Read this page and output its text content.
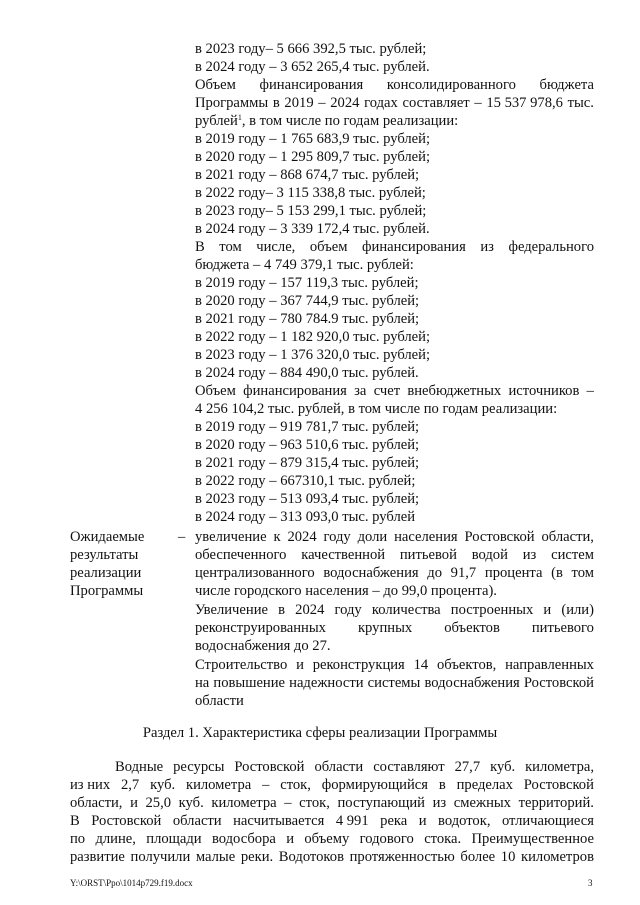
в 2023 году– 5 666 392,5 тыс. рублей;
в 2024 году – 3 652 265,4 тыс. рублей.
Объем финансирования консолидированного бюджета
Программы в 2019 – 2024 годах составляет – 15 537 978,6 тыс.
рублей$^1$, в том числе по годам реализации:
в 2019 году – 1 765 683,9 тыс. рублей;
в 2020 году – 1 295 809,7 тыс. рублей;
в 2021 году – 868 674,7 тыс. рублей;
в 2022 году– 3 115 338,8 тыс. рублей;
в 2023 году– 5 153 299,1 тыс. рублей;
в 2024 году – 3 339 172,4 тыс. рублей.
В том числе, объем финансирования из федерального
бюджета – 4 749 379,1 тыс. рублей:
в 2019 году – 157 119,3 тыс. рублей;
в 2020 году – 367 744,9 тыс. рублей;
в 2021 году – 780 784.9 тыс. рублей;
в 2022 году – 1 182 920,0 тыс. рублей;
в 2023 году – 1 376 320,0 тыс. рублей;
в 2024 году – 884 490,0 тыс. рублей.
Объем финансирования за счет внебюджетных источников –
4 256 104,2 тыс. рублей, в том числе по годам реализации:
в 2019 году – 919 781,7 тыс. рублей;
в 2020 году – 963 510,6 тыс. рублей;
в 2021 году – 879 315,4 тыс. рублей;
в 2022 году – 667310,1 тыс. рублей;
в 2023 году – 513 093,4 тыс. рублей;
в 2024 году – 313 093,0 тыс. рублей
Ожидаемые
результаты
реализации
Программы
– увеличение к 2024 году доли населения Ростовской области,
обеспеченного качественной питьевой водой из систем
централизованного водоснабжения до 91,7 процента (в том
числе городского населения – до 99,0 процента).
Увеличение в 2024 году количества построенных и (или)
реконструированных крупных объектов питьевого
водоснабжения до 27.
Строительство и реконструкция 14 объектов, направленных
на повышение надежности системы водоснабжения Ростовской
области
Раздел 1. Характеристика сферы реализации Программы
Водные ресурсы Ростовской области составляют 27,7 куб. километра,
из них 2,7 куб. километра – сток, формирующийся в пределах Ростовской
области, и 25,0 куб. километра – сток, поступающий из смежных территорий.
В Ростовской области насчитывается 4 991 река и водоток, отличающиеся
по длине, площади водосбора и объему годового стока. Преимущественное
развитие получили малые реки. Водотоков протяженностью более 10 километров
Y:\ORST\Ppo\1014p729.f19.docx	3
